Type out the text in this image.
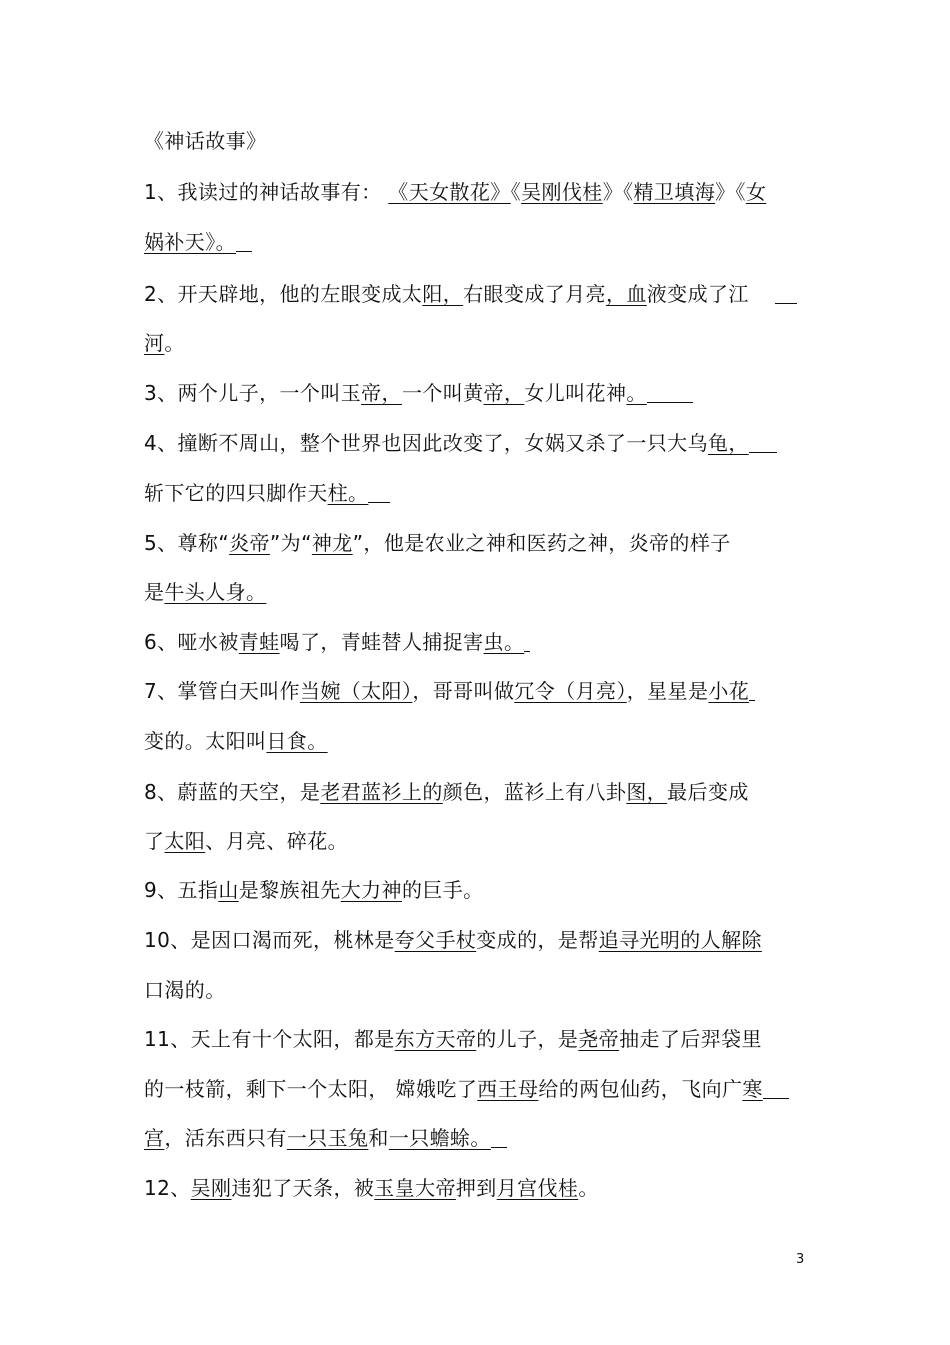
《神话故事》
1、我读过的神话故事有： 《天女散花》《吴刚伐桂》《精卫填海》《女
娲补天》。
2、开天辟地，他的左眼变成太阳，右眼变成了月亮，血液变成了江
河。
3、两个儿子，一个叫玉帝，一个叫黄帝，女儿叫花神。
4、撞断不周山，整个世界也因此改变了，女娲又杀了一只大乌龟，
斩下它的四只脚作天柱。
5、尊称“炎帝”为“神龙”，他是农业之神和医药之神，炎帝的样子
是牛头人身。
6、哑水被青蛙喝了，青蛙替人捕捉害虫。
7、掌管白天叫作当婉（太阳），哥哥叫做冗令（月亮），星星是小花
变的。太阳叫日食。
8、蔚蓝的天空，是老君蓝衫上的颜色，蓝衫上有八卦图，最后变成
了太阳、月亮、碎花。
9、五指山是黎族祖先大力神的巨手。
10、是因口渴而死，桃林是夸父手杖变成的，是帮追寻光明的人解除
口渴的。
11、天上有十个太阳，都是东方天帝的儿子，是尧帝抽走了后羿袋里
的一枝箭，剩下一个太阳， 嫦娥吃了西王母给的两包仙药，飞向广寒
宫，活东西只有一只玉兔和一只蟾蜍。
12、吴刚违犯了天条，被玉皇大帝押到月宫伐桂。
3
